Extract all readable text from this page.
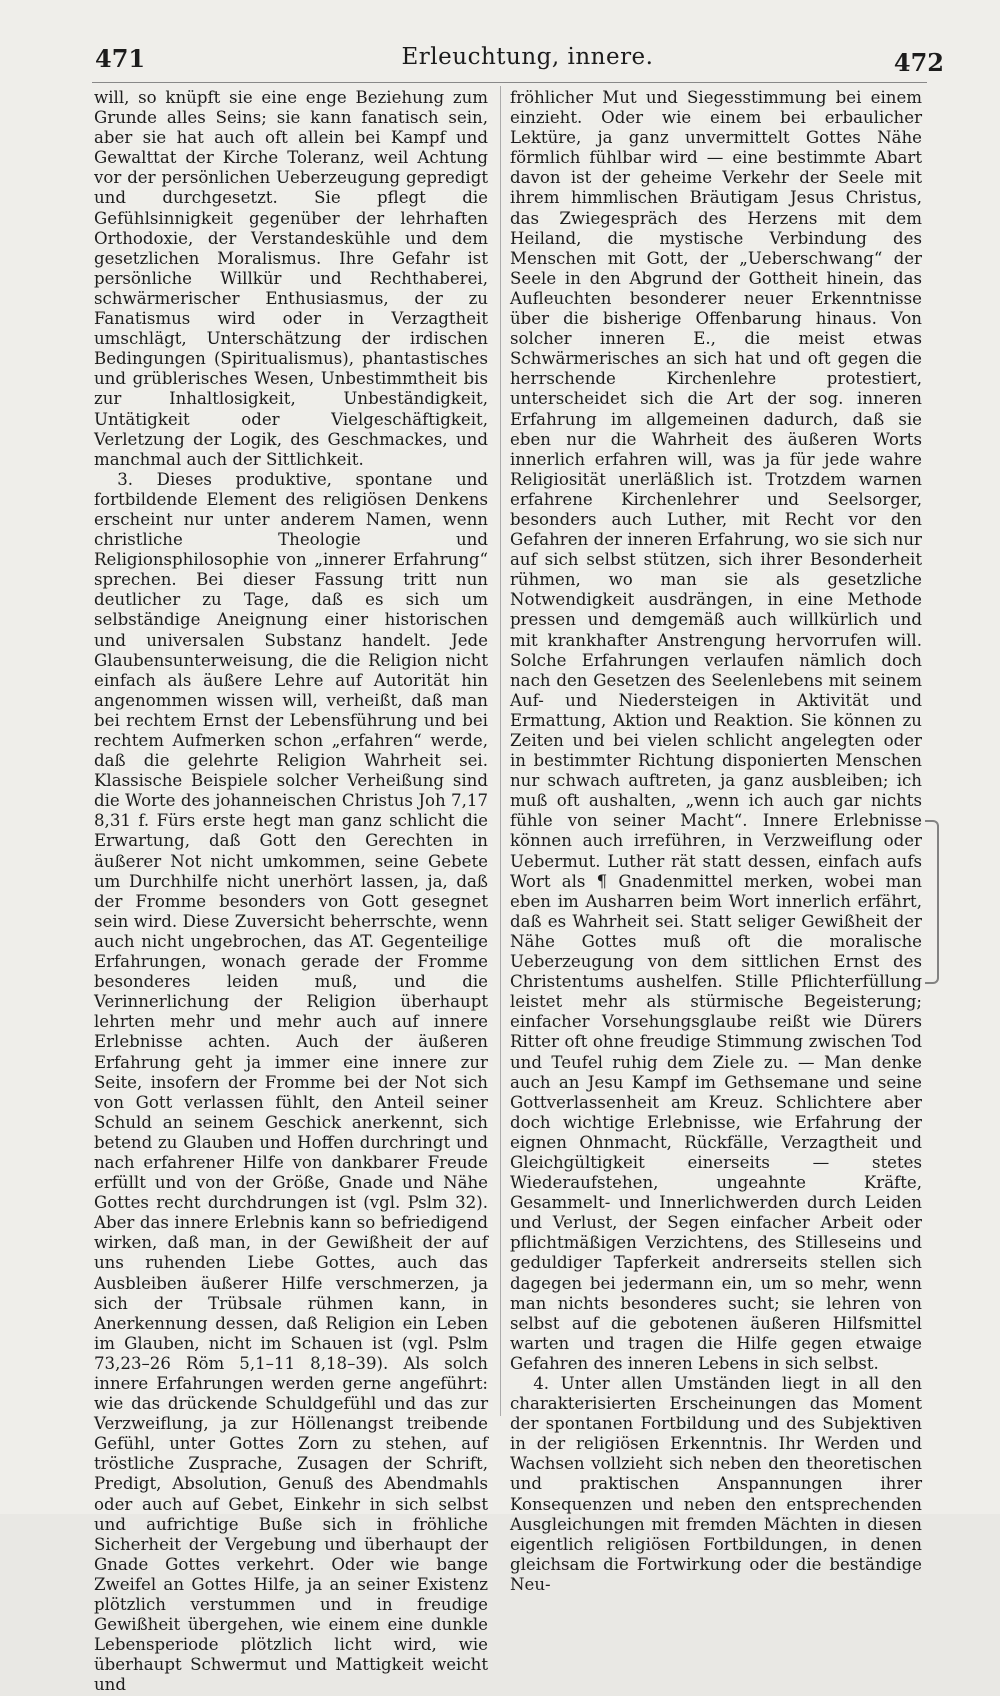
471	Erleuchtung, innere.	472

will, so knüpft sie eine enge Beziehung zum Grunde alles Seins; sie kann fanatisch sein, aber sie hat auch oft allein bei Kampf und Gewalttat der Kirche Toleranz, weil Achtung vor der persönlichen Ueberzeugung gepredigt und durchgesetzt. Sie pflegt die Gefühlsinnigkeit gegenüber der lehrhaften Orthodoxie, der Verstandeskühle und dem gesetzlichen Moralismus. Ihre Gefahr ist persönliche Willkür und Rechthaberei, schwärmerischer Enthusiasmus, der zu Fanatismus wird oder in Verzagtheit umschlägt, Unterschätzung der irdischen Bedingungen (Spiritualismus), phantastisches und grüblerisches Wesen, Unbestimmtheit bis zur Inhaltlosigkeit, Unbeständigkeit, Untätigkeit oder Vielgeschäftigkeit, Verletzung der Logik, des Geschmackes, und manchmal auch der Sittlichkeit.

3. Dieses produktive, spontane und fortbildende Element des religiösen Denkens erscheint nur unter anderem Namen, wenn christliche Theologie und Religionsphilosophie von „innerer Erfahrung“ sprechen. Bei dieser Fassung tritt nun deutlicher zu Tage, daß es sich um selbständige Aneignung einer historischen und universalen Substanz handelt. Jede Glaubensunterweisung, die die Religion nicht einfach als äußere Lehre auf Autorität hin angenommen wissen will, verheißt, daß man bei rechtem Ernst der Lebensführung und bei rechtem Aufmerken schon „erfahren“ werde, daß die gelehrte Religion Wahrheit sei. Klassische Beispiele solcher Verheißung sind die Worte des johanneischen Christus Joh 7,17 8,31 f. Fürs erste hegt man ganz schlicht die Erwartung, daß Gott den Gerechten in äußerer Not nicht umkommen, seine Gebete um Durchhilfe nicht unerhört lassen, ja, daß der Fromme besonders von Gott gesegnet sein wird. Diese Zuversicht beherrschte, wenn auch nicht ungebrochen, das AT. Gegenteilige Erfahrungen, wonach gerade der Fromme besonderes leiden muß, und die Verinnerlichung der Religion überhaupt lehrten mehr und mehr auch auf innere Erlebnisse achten. Auch der äußeren Erfahrung geht ja immer eine innere zur Seite, insofern der Fromme bei der Not sich von Gott verlassen fühlt, den Anteil seiner Schuld an seinem Geschick anerkennt, sich betend zu Glauben und Hoffen durchringt und nach erfahrener Hilfe von dankbarer Freude erfüllt und von der Größe, Gnade und Nähe Gottes recht durchdrungen ist (vgl. Pslm 32). Aber das innere Erlebnis kann so befriedigend wirken, daß man, in der Gewißheit der auf uns ruhenden Liebe Gottes, auch das Ausbleiben äußerer Hilfe verschmerzen, ja sich der Trübsale rühmen kann, in Anerkennung dessen, daß Religion ein Leben im Glauben, nicht im Schauen ist (vgl. Pslm 73,23–26 Röm 5,1–11 8,18–39). Als solch innere Erfahrungen werden gerne angeführt: wie das drückende Schuldgefühl und das zur Verzweiflung, ja zur Höllenangst treibende Gefühl, unter Gottes Zorn zu stehen, auf tröstliche Zusprache, Zusagen der Schrift, Predigt, Absolution, Genuß des Abendmahls oder auch auf Gebet, Einkehr in sich selbst und aufrichtige Buße sich in fröhliche Sicherheit der Vergebung und überhaupt der Gnade Gottes verkehrt. Oder wie bange Zweifel an Gottes Hilfe, ja an seiner Existenz plötzlich verstummen und in freudige Gewißheit übergehen, wie einem eine dunkle Lebensperiode plötzlich licht wird, wie überhaupt Schwermut und Mattigkeit weicht und

fröhlicher Mut und Siegesstimmung bei einem einzieht. Oder wie einem bei erbaulicher Lektüre, ja ganz unvermittelt Gottes Nähe förmlich fühlbar wird — eine bestimmte Abart davon ist der geheime Verkehr der Seele mit ihrem himmlischen Bräutigam Jesus Christus, das Zwiegespräch des Herzens mit dem Heiland, die mystische Verbindung des Menschen mit Gott, der „Ueberschwang“ der Seele in den Abgrund der Gottheit hinein, das Aufleuchten besonderer neuer Erkenntnisse über die bisherige Offenbarung hinaus. Von solcher inneren E., die meist etwas Schwärmerisches an sich hat und oft gegen die herrschende Kirchenlehre protestiert, unterscheidet sich die Art der sog. inneren Erfahrung im allgemeinen dadurch, daß sie eben nur die Wahrheit des äußeren Worts innerlich erfahren will, was ja für jede wahre Religiosität unerläßlich ist. Trotzdem warnen erfahrene Kirchenlehrer und Seelsorger, besonders auch Luther, mit Recht vor den Gefahren der inneren Erfahrung, wo sie sich nur auf sich selbst stützen, sich ihrer Besonderheit rühmen, wo man sie als gesetzliche Notwendigkeit ausdrängen, in eine Methode pressen und demgemäß auch willkürlich und mit krankhafter Anstrengung hervorrufen will. Solche Erfahrungen verlaufen nämlich doch nach den Gesetzen des Seelenlebens mit seinem Auf- und Niedersteigen in Aktivität und Ermattung, Aktion und Reaktion. Sie können zu Zeiten und bei vielen schlicht angelegten oder in bestimmter Richtung disponierten Menschen nur schwach auftreten, ja ganz ausbleiben; ich muß oft aushalten, „wenn ich auch gar nichts fühle von seiner Macht“. Innere Erlebnisse können auch irreführen, in Verzweiflung oder Uebermut. Luther rät statt dessen, einfach aufs Wort als ¶ Gnadenmittel merken, wobei man eben im Ausharren beim Wort innerlich erfährt, daß es Wahrheit sei. Statt seliger Gewißheit der Nähe Gottes muß oft die moralische Ueberzeugung von dem sittlichen Ernst des Christentums aushelfen. Stille Pflichterfüllung leistet mehr als stürmische Begeisterung; einfacher Vorsehungsglaube reißt wie Dürers Ritter oft ohne freudige Stimmung zwischen Tod und Teufel ruhig dem Ziele zu. — Man denke auch an Jesu Kampf im Gethsemane und seine Gottverlassenheit am Kreuz. Schlichtere aber doch wichtige Erlebnisse, wie Erfahrung der eignen Ohnmacht, Rückfälle, Verzagtheit und Gleichgültigkeit einerseits — stetes Wiederaufstehen, ungeahnte Kräfte, Gesammelt- und Innerlichwerden durch Leiden und Verlust, der Segen einfacher Arbeit oder pflichtmäßigen Verzichtens, des Stilleseins und geduldiger Tapferkeit andrerseits stellen sich dagegen bei jedermann ein, um so mehr, wenn man nichts besonderes sucht; sie lehren von selbst auf die gebotenen äußeren Hilfsmittel warten und tragen die Hilfe gegen etwaige Gefahren des inneren Lebens in sich selbst.

4. Unter allen Umständen liegt in all den charakterisierten Erscheinungen das Moment der spontanen Fortbildung und des Subjektiven in der religiösen Erkenntnis. Ihr Werden und Wachsen vollzieht sich neben den theoretischen und praktischen Anspannungen ihrer Konsequenzen und neben den entsprechenden Ausgleichungen mit fremden Mächten in diesen eigentlich religiösen Fortbildungen, in denen gleichsam die Fortwirkung oder die beständige Neu-
